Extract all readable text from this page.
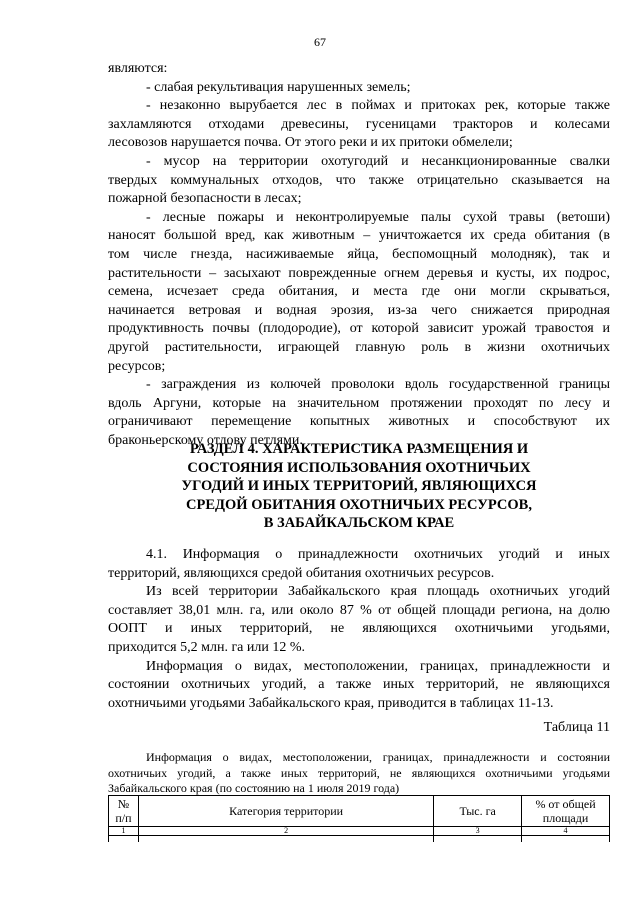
67
являются:
- слабая рекультивация нарушенных земель;
- незаконно вырубается лес в поймах и притоках рек, которые также
захламляются отходами древесины, гусеницами тракторов и колесами
лесовозов нарушается почва. От этого реки и их притоки обмелели;
- мусор на территории охотугодий и несанкционированные свалки
твердых коммунальных отходов, что также отрицательно сказывается на
пожарной безопасности в лесах;
- лесные пожары и неконтролируемые палы сухой травы (ветоши)
наносят большой вред, как животным – уничтожается их среда обитания (в
том числе гнезда, насиживаемые яйца, беспомощный молодняк), так и
растительности – засыхают поврежденные огнем деревья и кусты, их подрос,
семена, исчезает среда обитания, и места где они могли скрываться,
начинается ветровая и водная эрозия, из-за чего снижается природная
продуктивность почвы (плодородие), от которой зависит урожай травостоя и
другой растительности, играющей главную роль в жизни охотничьих
ресурсов;
- заграждения из колючей проволоки вдоль государственной границы
вдоль Аргуни, которые на значительном протяжении проходят по лесу и
ограничивают перемещение копытных животных и способствуют их
браконьерскому отлову петлями.
РАЗДЕЛ 4. ХАРАКТЕРИСТИКА РАЗМЕЩЕНИЯ И
СОСТОЯНИЯ ИСПОЛЬЗОВАНИЯ ОХОТНИЧЬИХ
УГОДИЙ И ИНЫХ ТЕРРИТОРИЙ, ЯВЛЯЮЩИХСЯ
СРЕДОЙ ОБИТАНИЯ ОХОТНИЧЬИХ РЕСУРСОВ,
В ЗАБАЙКАЛЬСКОМ КРАЕ
4.1. Информация о принадлежности охотничьих угодий и иных
территорий, являющихся средой обитания охотничьих ресурсов.
Из всей территории Забайкальского края площадь охотничьих угодий
составляет 38,01 млн. га, или около 87 % от общей площади региона, на долю
ООПТ и иных территорий, не являющихся охотничьими угодьями,
приходится 5,2 млн. га или 12 %.
Информация о видах, местоположении, границах, принадлежности и
состоянии охотничьих угодий, а также иных территорий, не являющихся
охотничьими угодьями Забайкальского края, приводится в таблицах 11-13.
Таблица 11
Информация о видах, местоположении, границах, принадлежности и состоянии
охотничьих угодий, а также иных территорий, не являющихся охотничьими угодьями
Забайкальского края (по состоянию на 1 июля 2019 года)
№ п/п	Категория территории	Тыс. га	% от общей площади
1	2	3	4
